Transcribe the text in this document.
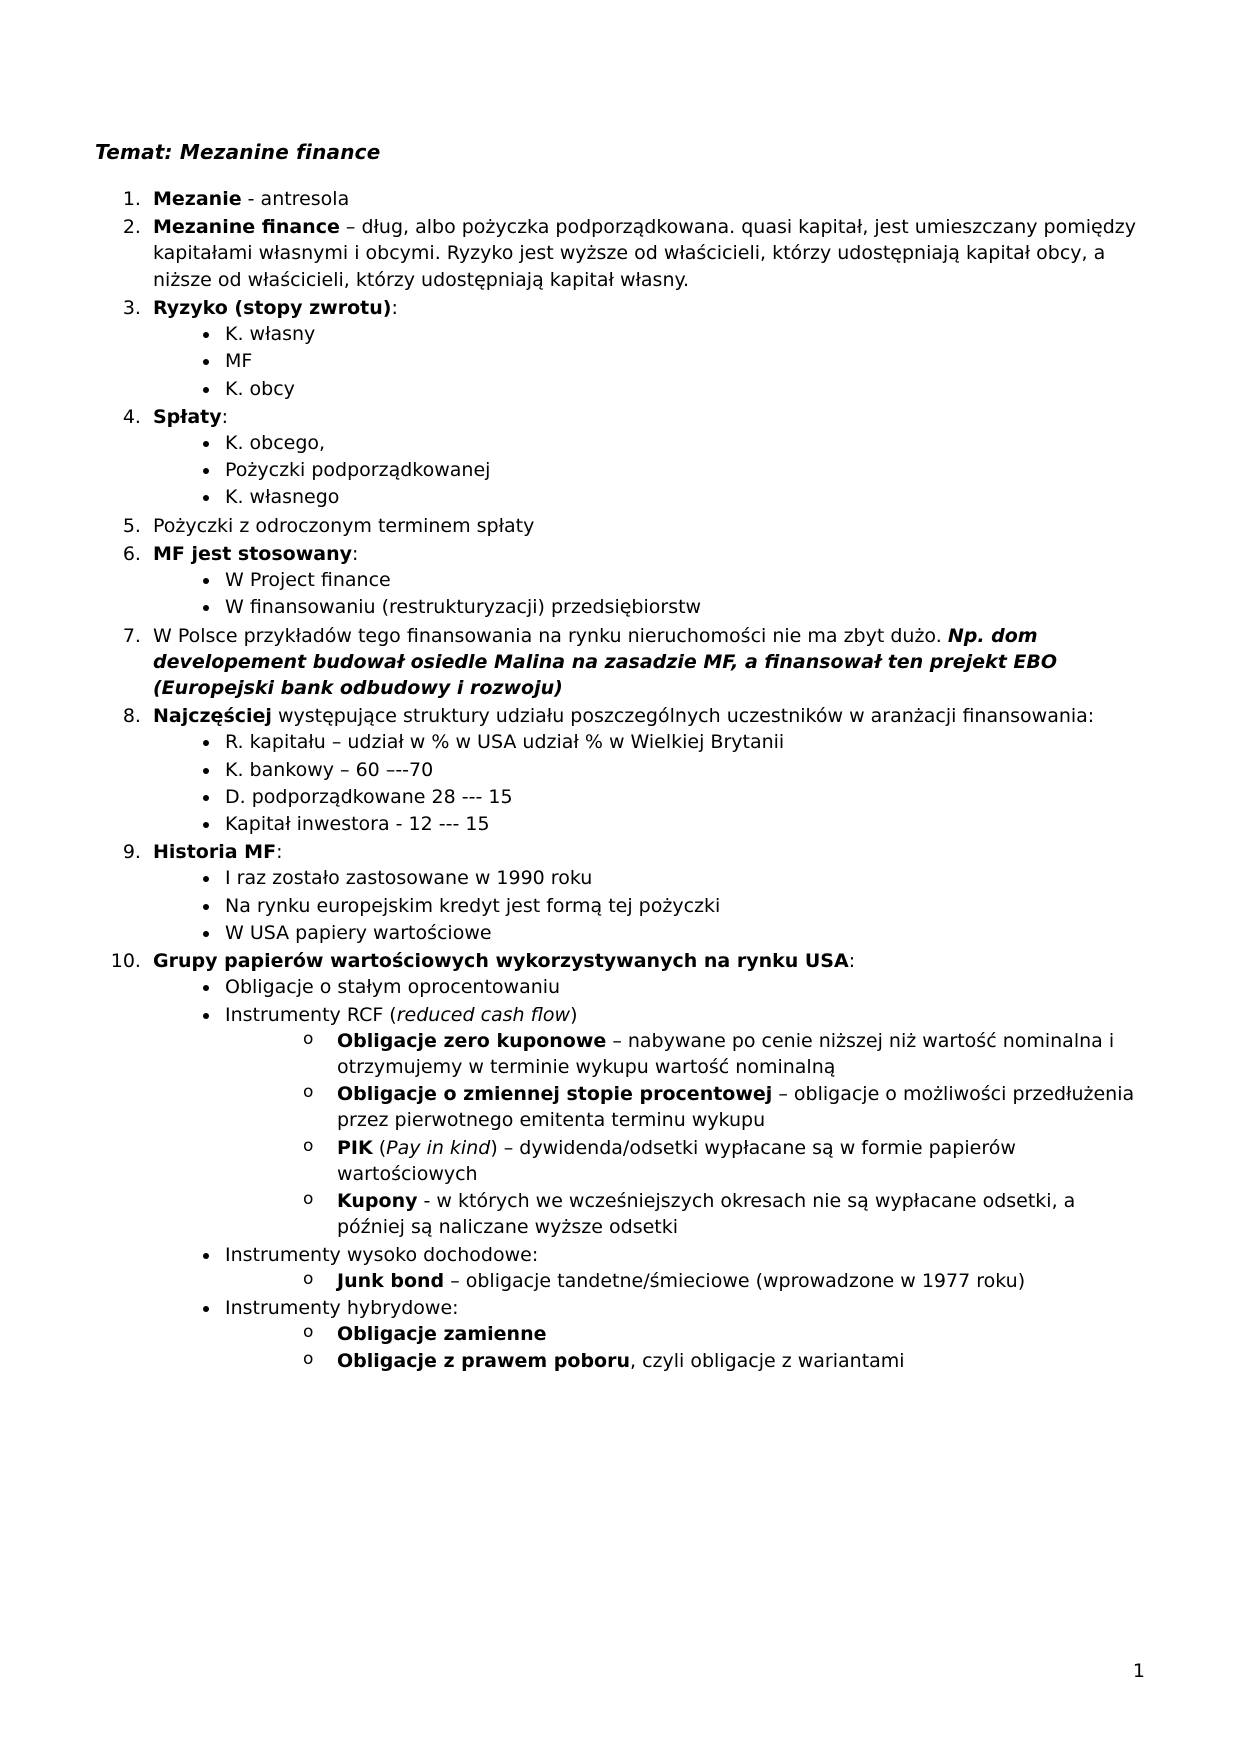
Temat: Mezanine finance
1. Mezanie - antresola
2. Mezanine finance – dług, albo pożyczka podporządkowana. quasi kapitał, jest umieszczany pomiędzy kapitałami własnymi i obcymi. Ryzyko jest wyższe od właścicieli, którzy udostępniają kapitał obcy, a niższe od właścicieli, którzy udostępniają kapitał własny.
3. Ryzyko (stopy zwrotu):
• K. własny
• MF
• K. obcy
4. Spłaty:
• K. obcego,
• Pożyczki podporządkowanej
• K. własnego
5. Pożyczki z odroczonym terminem spłaty
6. MF jest stosowany:
• W Project finance
• W finansowaniu (restrukturyzacji) przedsiębiorstw
7. W Polsce przykładów tego finansowania na rynku nieruchomości nie ma zbyt dużo. Np. dom developement budował osiedle Malina na zasadzie MF, a finansował ten prejekt EBO (Europejski bank odbudowy i rozwoju)
8. Najczęściej występujące struktury udziału poszczególnych uczestników w aranżacji finansowania:
• R. kapitału – udział w % w USA udział % w Wielkiej Brytanii
• K. bankowy – 60 –--70
• D. podporządkowane 28 --- 15
• Kapitał inwestora - 12 --- 15
9. Historia MF:
• I raz zostało zastosowane w 1990 roku
• Na rynku europejskim kredyt jest formą tej pożyczki
• W USA papiery wartościowe
10. Grupy papierów wartościowych wykorzystywanych na rynku USA:
• Obligacje o stałym oprocentowaniu
• Instrumenty RCF (reduced cash flow)
o Obligacje zero kuponowe – nabywane po cenie niższej niż wartość nominalna i otrzymujemy w terminie wykupu wartość nominalną
o Obligacje o zmiennej stopie procentowej – obligacje o możliwości przedłużenia przez pierwotnego emitenta terminu wykupu
o PIK (Pay in kind) – dywidenda/odsetki wypłacane są w formie papierów wartościowych
o Kupony - w których we wcześniejszych okresach nie są wypłacane odsetki, a później są naliczane wyższe odsetki
• Instrumenty wysoko dochodowe:
o Junk bond – obligacje tandetne/śmieciowe (wprowadzone w 1977 roku)
• Instrumenty hybrydowe:
o Obligacje zamienne
o Obligacje z prawem poboru, czyli obligacje z wariantami
1
